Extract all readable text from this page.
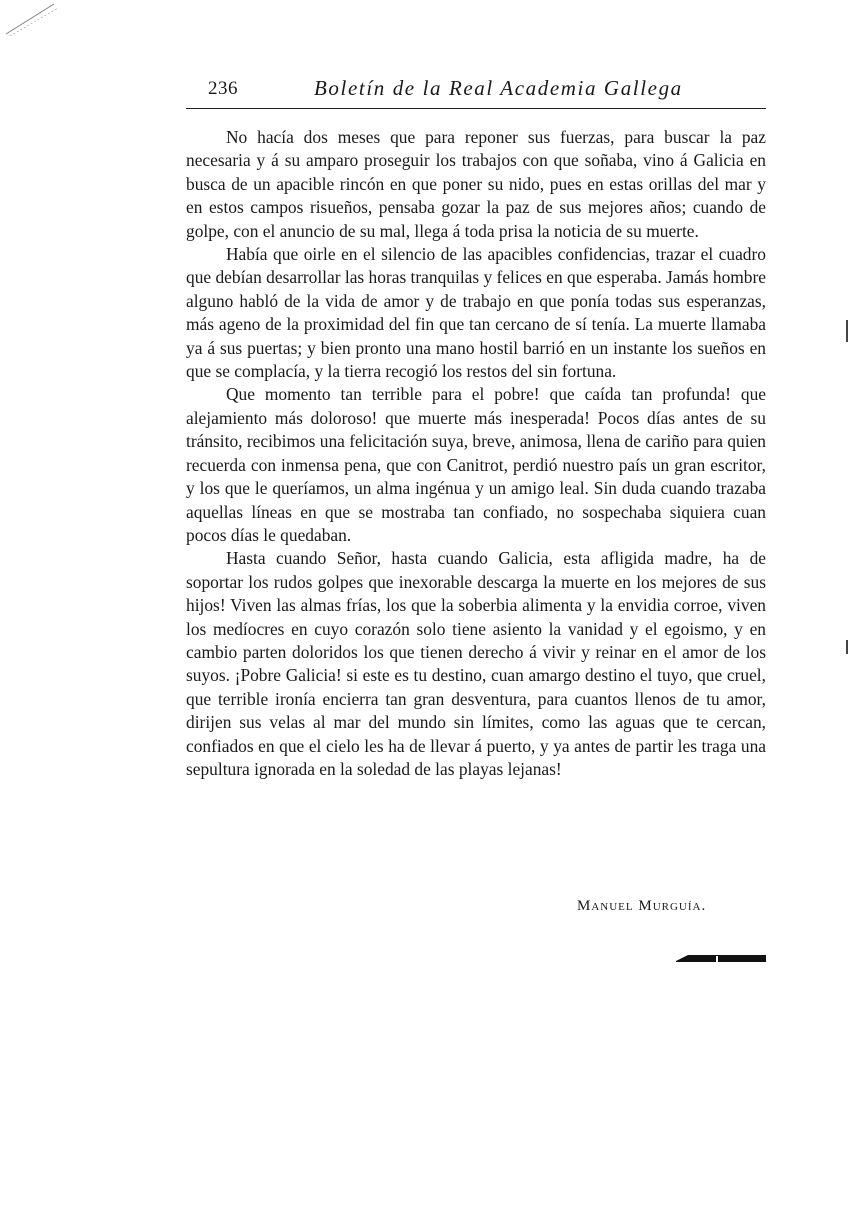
236	Boletín de la Real Academia Gallega

No hacía dos meses que para reponer sus fuerzas, para buscar la paz necesaria y á su amparo proseguir los trabajos con que soñaba, vino á Galicia en busca de un apacible rincón en que poner su nido, pues en estas orillas del mar y en estos campos risueños, pensaba gozar la paz de sus mejores años; cuando de golpe, con el anuncio de su mal, llega á toda prisa la noticia de su muerte.

Había que oirle en el silencio de las apacibles confidencias, trazar el cuadro que debían desarrollar las horas tranquilas y felices en que esperaba. Jamás hombre alguno habló de la vida de amor y de trabajo en que ponía todas sus esperanzas, más ageno de la proximidad del fin que tan cercano de sí tenía. La muerte llamaba ya á sus puertas; y bien pronto una mano hostil barrió en un instante los sueños en que se complacía, y la tierra recogió los restos del sin fortuna.

Que momento tan terrible para el pobre! que caída tan profunda! que alejamiento más doloroso! que muerte más inesperada! Pocos días antes de su tránsito, recibimos una felicitación suya, breve, animosa, llena de cariño para quien recuerda con inmensa pena, que con Canitrot, perdió nuestro país un gran escritor, y los que le queríamos, un alma ingénua y un amigo leal. Sin duda cuando trazaba aquellas líneas en que se mostraba tan confiado, no sospechaba siquiera cuan pocos días le quedaban.

Hasta cuando Señor, hasta cuando Galicia, esta afligida madre, ha de soportar los rudos golpes que inexorable descarga la muerte en los mejores de sus hijos! Viven las almas frías, los que la soberbia alimenta y la envidia corroe, viven los medíocres en cuyo corazón solo tiene asiento la vanidad y el egoismo, y en cambio parten doloridos los que tienen derecho á vivir y reinar en el amor de los suyos. ¡Pobre Galicia! si este es tu destino, cuan amargo destino el tuyo, que cruel, que terrible ironía encierra tan gran desventura, para cuantos llenos de tu amor, dirijen sus velas al mar del mundo sin límites, como las aguas que te cercan, confiados en que el cielo les ha de llevar á puerto, y ya antes de partir les traga una sepultura ignorada en la soledad de las playas lejanas!

Manuel Murguía.
